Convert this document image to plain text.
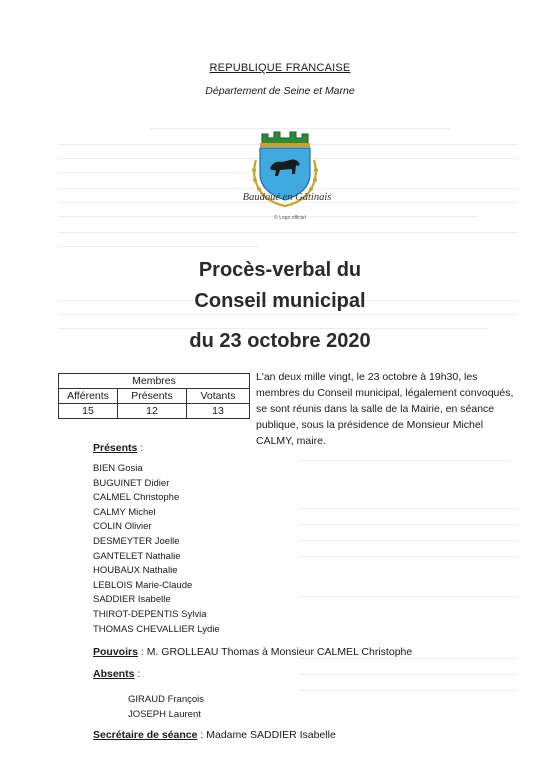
REPUBLIQUE FRANCAISE
Département de Seine et Marne
Baudoué en Gâtinais
© Logo officiel
Procès-verbal du
Conseil municipal
du 23 octobre 2020
Membres		
Afférents	Présents	Votants
15	12	13
L'an deux mille vingt, le 23 octobre à 19h30, les membres du Conseil municipal, légalement convoqués, se sont réunis dans la salle de la Mairie, en séance publique, sous la présidence de Monsieur Michel CALMY, maire.
Présents :
BIEN Gosia
BUGUINET Didier
CALMEL Christophe
CALMY Michel
COLIN Olivier
DESMEYTER Joelle
GANTELET Nathalie
HOUBAUX Nathalie
LEBLOIS Marie-Claude
SADDIER Isabelle
THIROT-DEPENTIS Sylvia
THOMAS CHEVALLIER Lydie
Pouvoirs : M. GROLLEAU Thomas à Monsieur CALMEL Christophe
Absents :
GIRAUD François
JOSEPH Laurent
Secrétaire de séance : Madame SADDIER Isabelle
